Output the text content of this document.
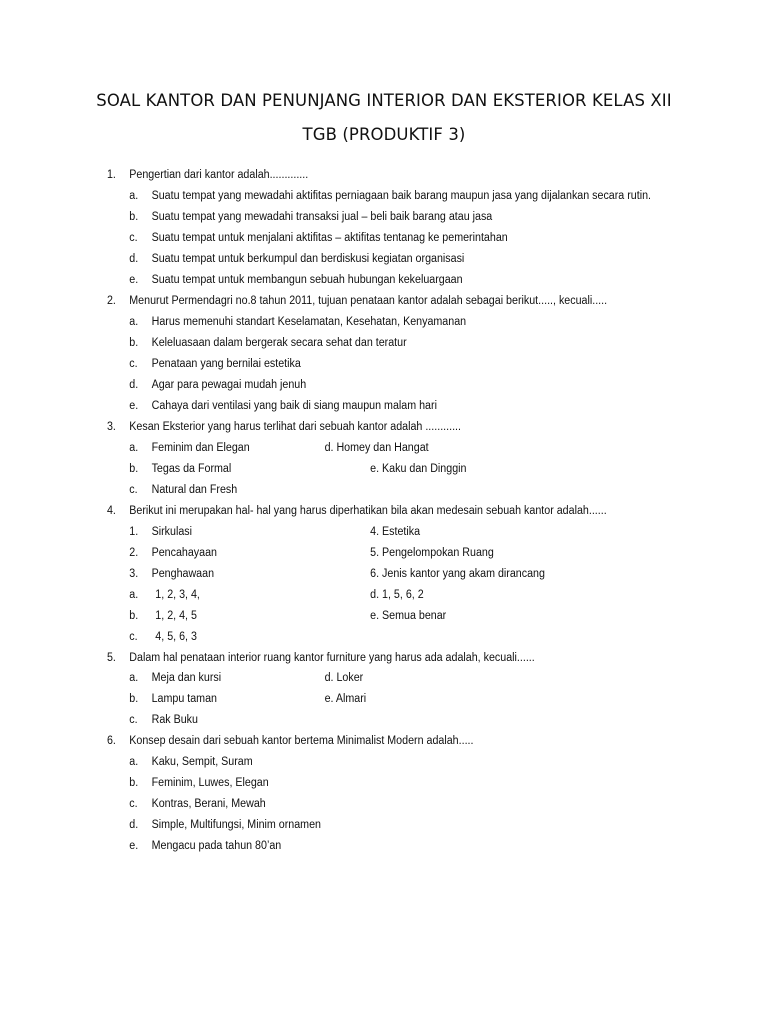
SOAL KANTOR DAN PENUNJANG INTERIOR DAN EKSTERIOR KELAS XII
TGB (PRODUKTIF 3)
1. Pengertian dari kantor adalah.............
a. Suatu tempat yang mewadahi aktifitas perniagaan baik barang maupun jasa yang dijalankan secara rutin.
b. Suatu tempat yang mewadahi transaksi jual – beli baik barang atau jasa
c. Suatu tempat untuk menjalani aktifitas – aktifitas tentanag ke pemerintahan
d. Suatu tempat untuk berkumpul dan berdiskusi kegiatan organisasi
e. Suatu tempat untuk membangun sebuah hubungan kekeluargaan
2. Menurut Permendagri no.8 tahun 2011, tujuan penataan kantor adalah sebagai berikut....., kecuali.....
a. Harus memenuhi standart Keselamatan, Kesehatan, Kenyamanan
b. Keleluasaan dalam bergerak secara sehat dan teratur
c. Penataan yang bernilai estetika
d. Agar para pewagai mudah jenuh
e. Cahaya dari ventilasi yang baik di siang maupun malam hari
3. Kesan Eksterior yang harus terlihat dari sebuah kantor adalah ............
a. Feminim dan Elegan	d. Homey dan Hangat
b. Tegas da Formal	e. Kaku dan Dinggin
c. Natural dan Fresh
4. Berikut ini merupakan hal- hal yang harus diperhatikan bila akan medesain sebuah kantor adalah......
1. Sirkulasi	4. Estetika
2. Pencahayaan	5. Pengelompokan Ruang
3. Penghawaan	6. Jenis kantor yang akam dirancang
a. 1, 2, 3, 4,	d. 1, 5, 6, 2
b. 1, 2, 4, 5	e. Semua benar
c. 4, 5, 6, 3
5. Dalam hal penataan interior ruang kantor furniture yang harus ada adalah, kecuali......
a. Meja dan kursi	d. Loker
b. Lampu taman	e. Almari
c. Rak Buku
6. Konsep desain dari sebuah kantor bertema Minimalist Modern adalah.....
a. Kaku, Sempit, Suram
b. Feminim, Luwes, Elegan
c. Kontras, Berani, Mewah
d. Simple, Multifungsi, Minim ornamen
e. Mengacu pada tahun 80’an
